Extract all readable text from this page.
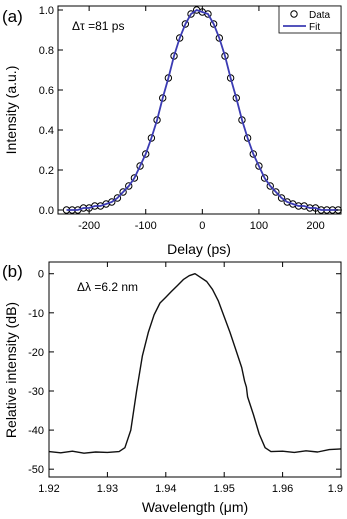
(a)
-200	-100	0	100	200
0.0
0.2
0.4
0.6
0.8
1.0
Δτ =81 ps
Data
Fit
Delay (ps)
Intensity (a.u.)
(b)
1.92	1.93	1.94	1.95	1.96	1.9
0
-10
-20
-30
-40
-50
Δλ =6.2 nm
Wavelength (μm)
Relative intensity (dB)
